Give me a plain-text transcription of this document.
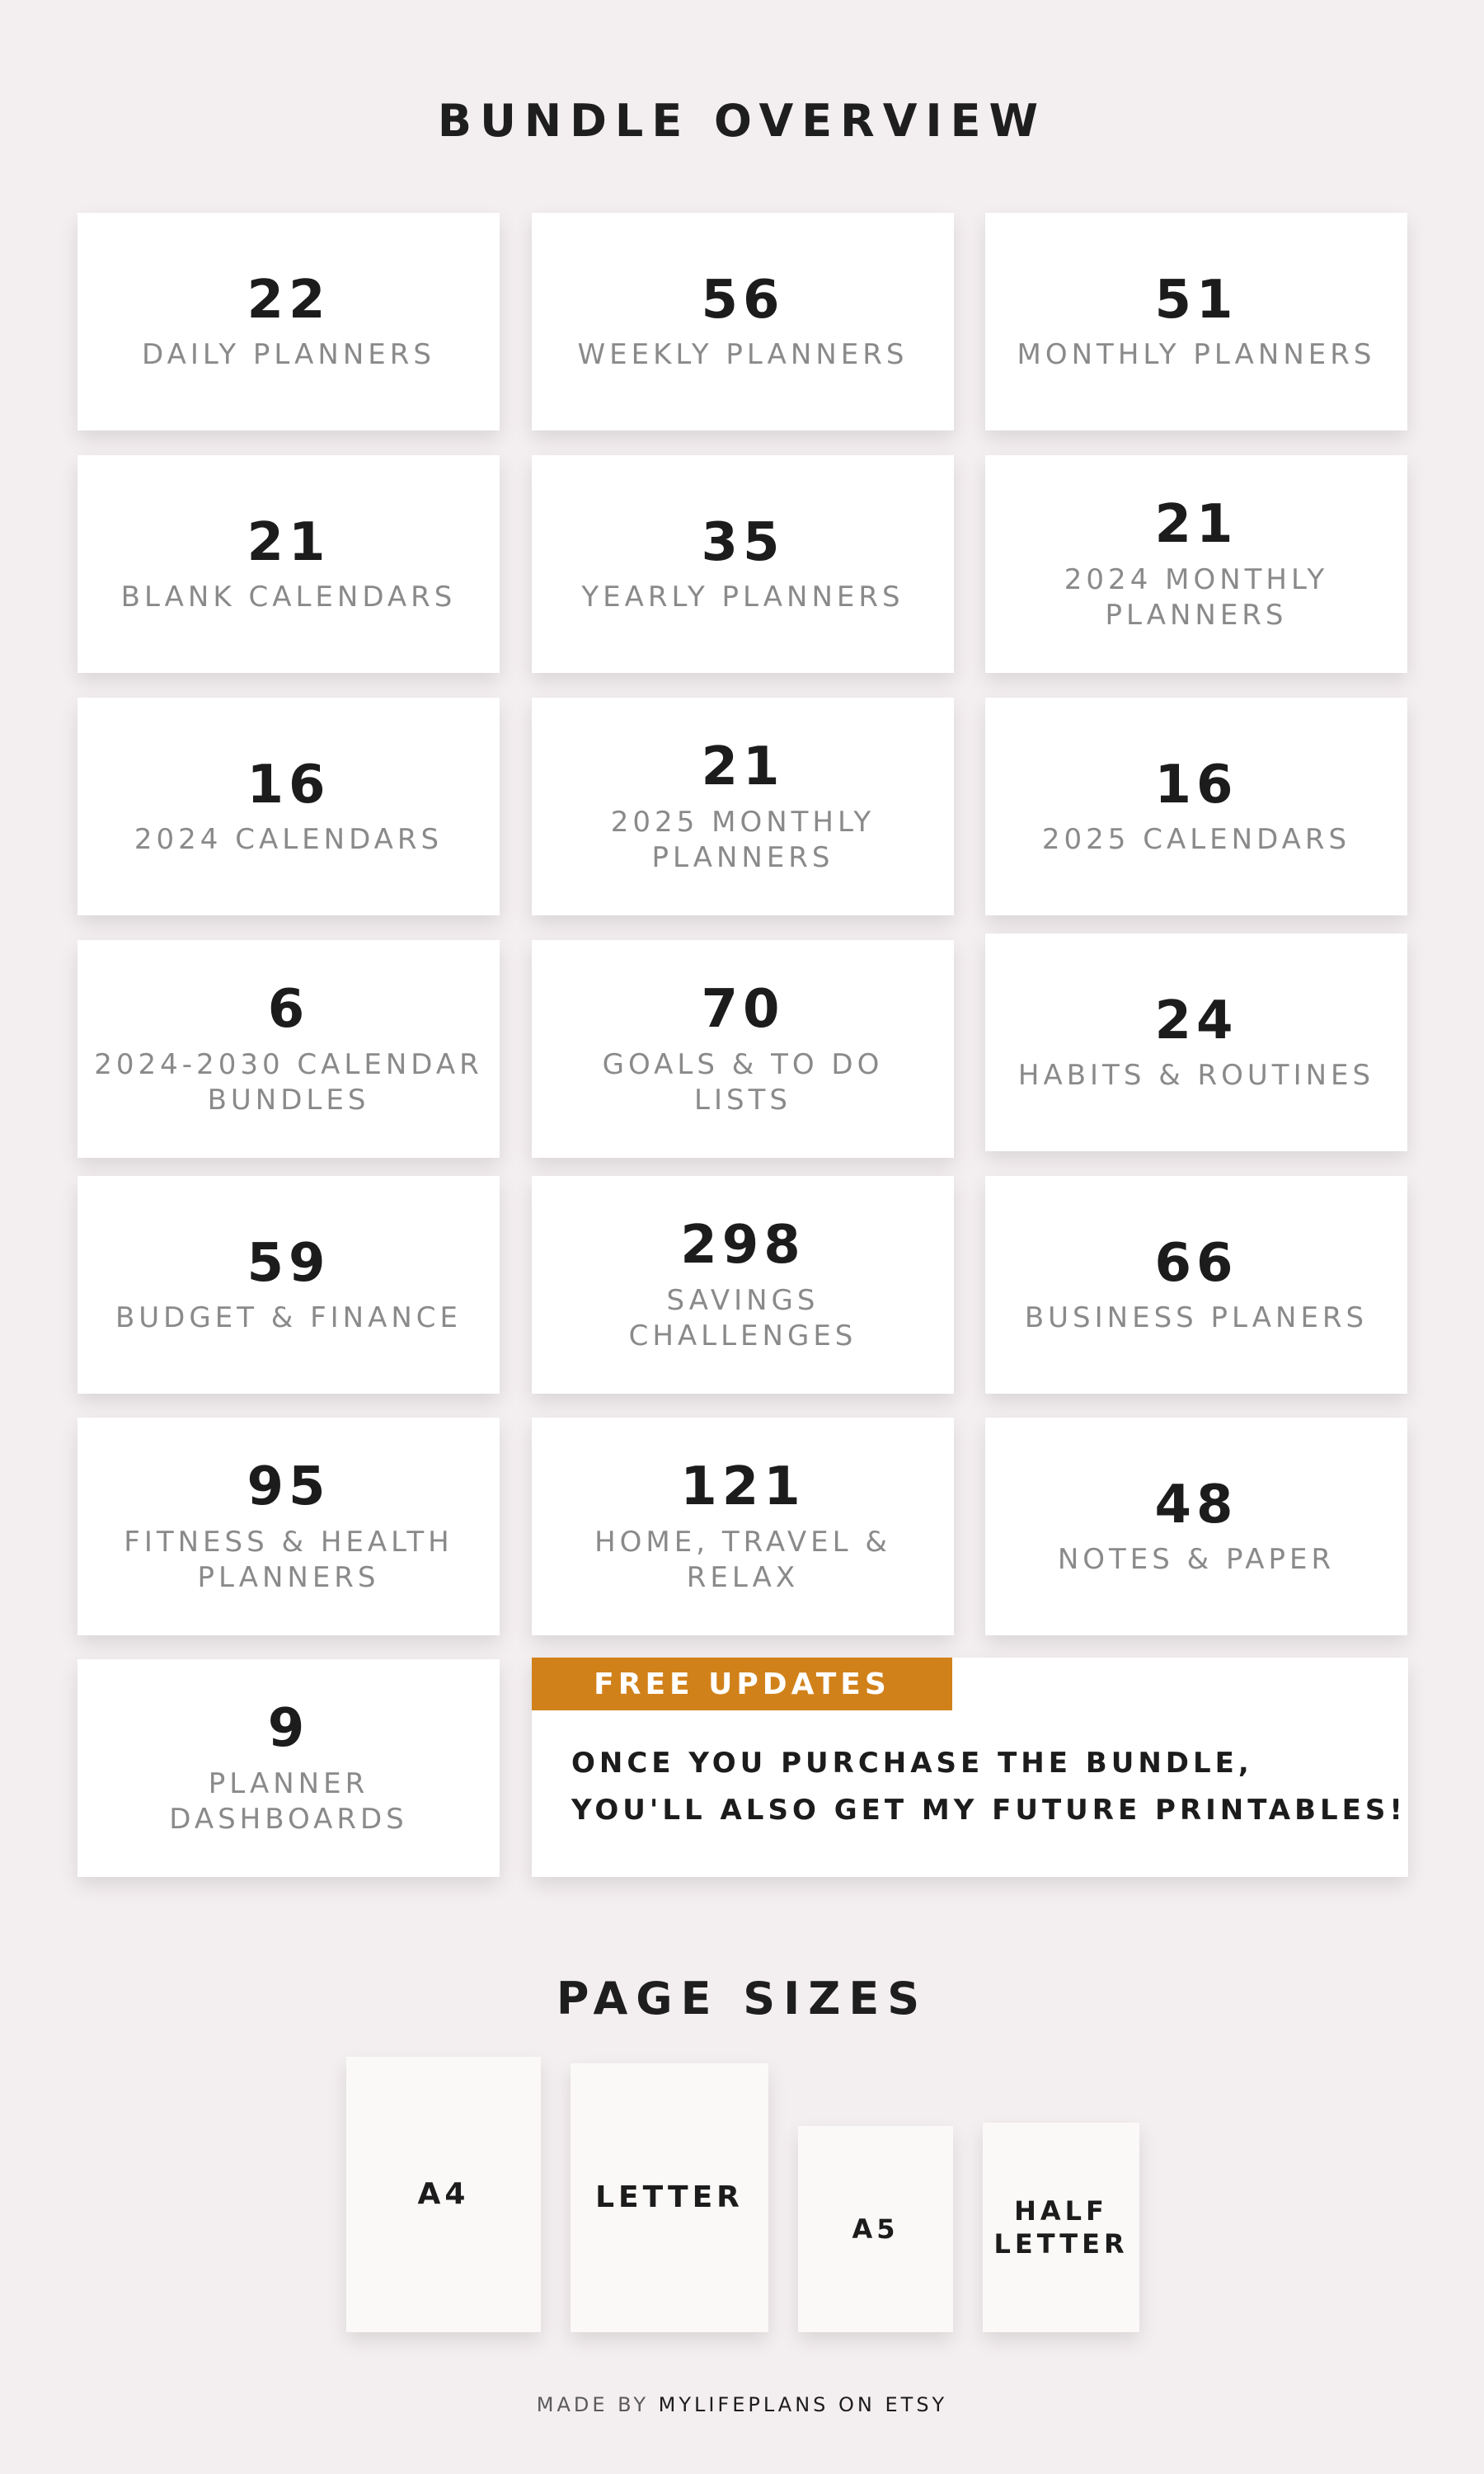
BUNDLE OVERVIEW
22
DAILY PLANNERS
56
WEEKLY PLANNERS
51
MONTHLY PLANNERS
21
BLANK CALENDARS
35
YEARLY PLANNERS
21
2024 MONTHLY PLANNERS
16
2024 CALENDARS
21
2025 MONTHLY PLANNERS
16
2025 CALENDARS
6
2024-2030 CALENDAR BUNDLES
70
GOALS & TO DO LISTS
24
HABITS & ROUTINES
59
BUDGET & FINANCE
298
SAVINGS CHALLENGES
66
BUSINESS PLANERS
95
FITNESS & HEALTH PLANNERS
121
HOME, TRAVEL & RELAX
48
NOTES & PAPER
9
PLANNER DASHBOARDS
FREE UPDATES
ONCE YOU PURCHASE THE BUNDLE,
YOU'LL ALSO GET MY FUTURE PRINTABLES!
PAGE SIZES
A4	LETTER
A5
HALF LETTER
MADE BY MYLIFEPLANS ON ETSY
